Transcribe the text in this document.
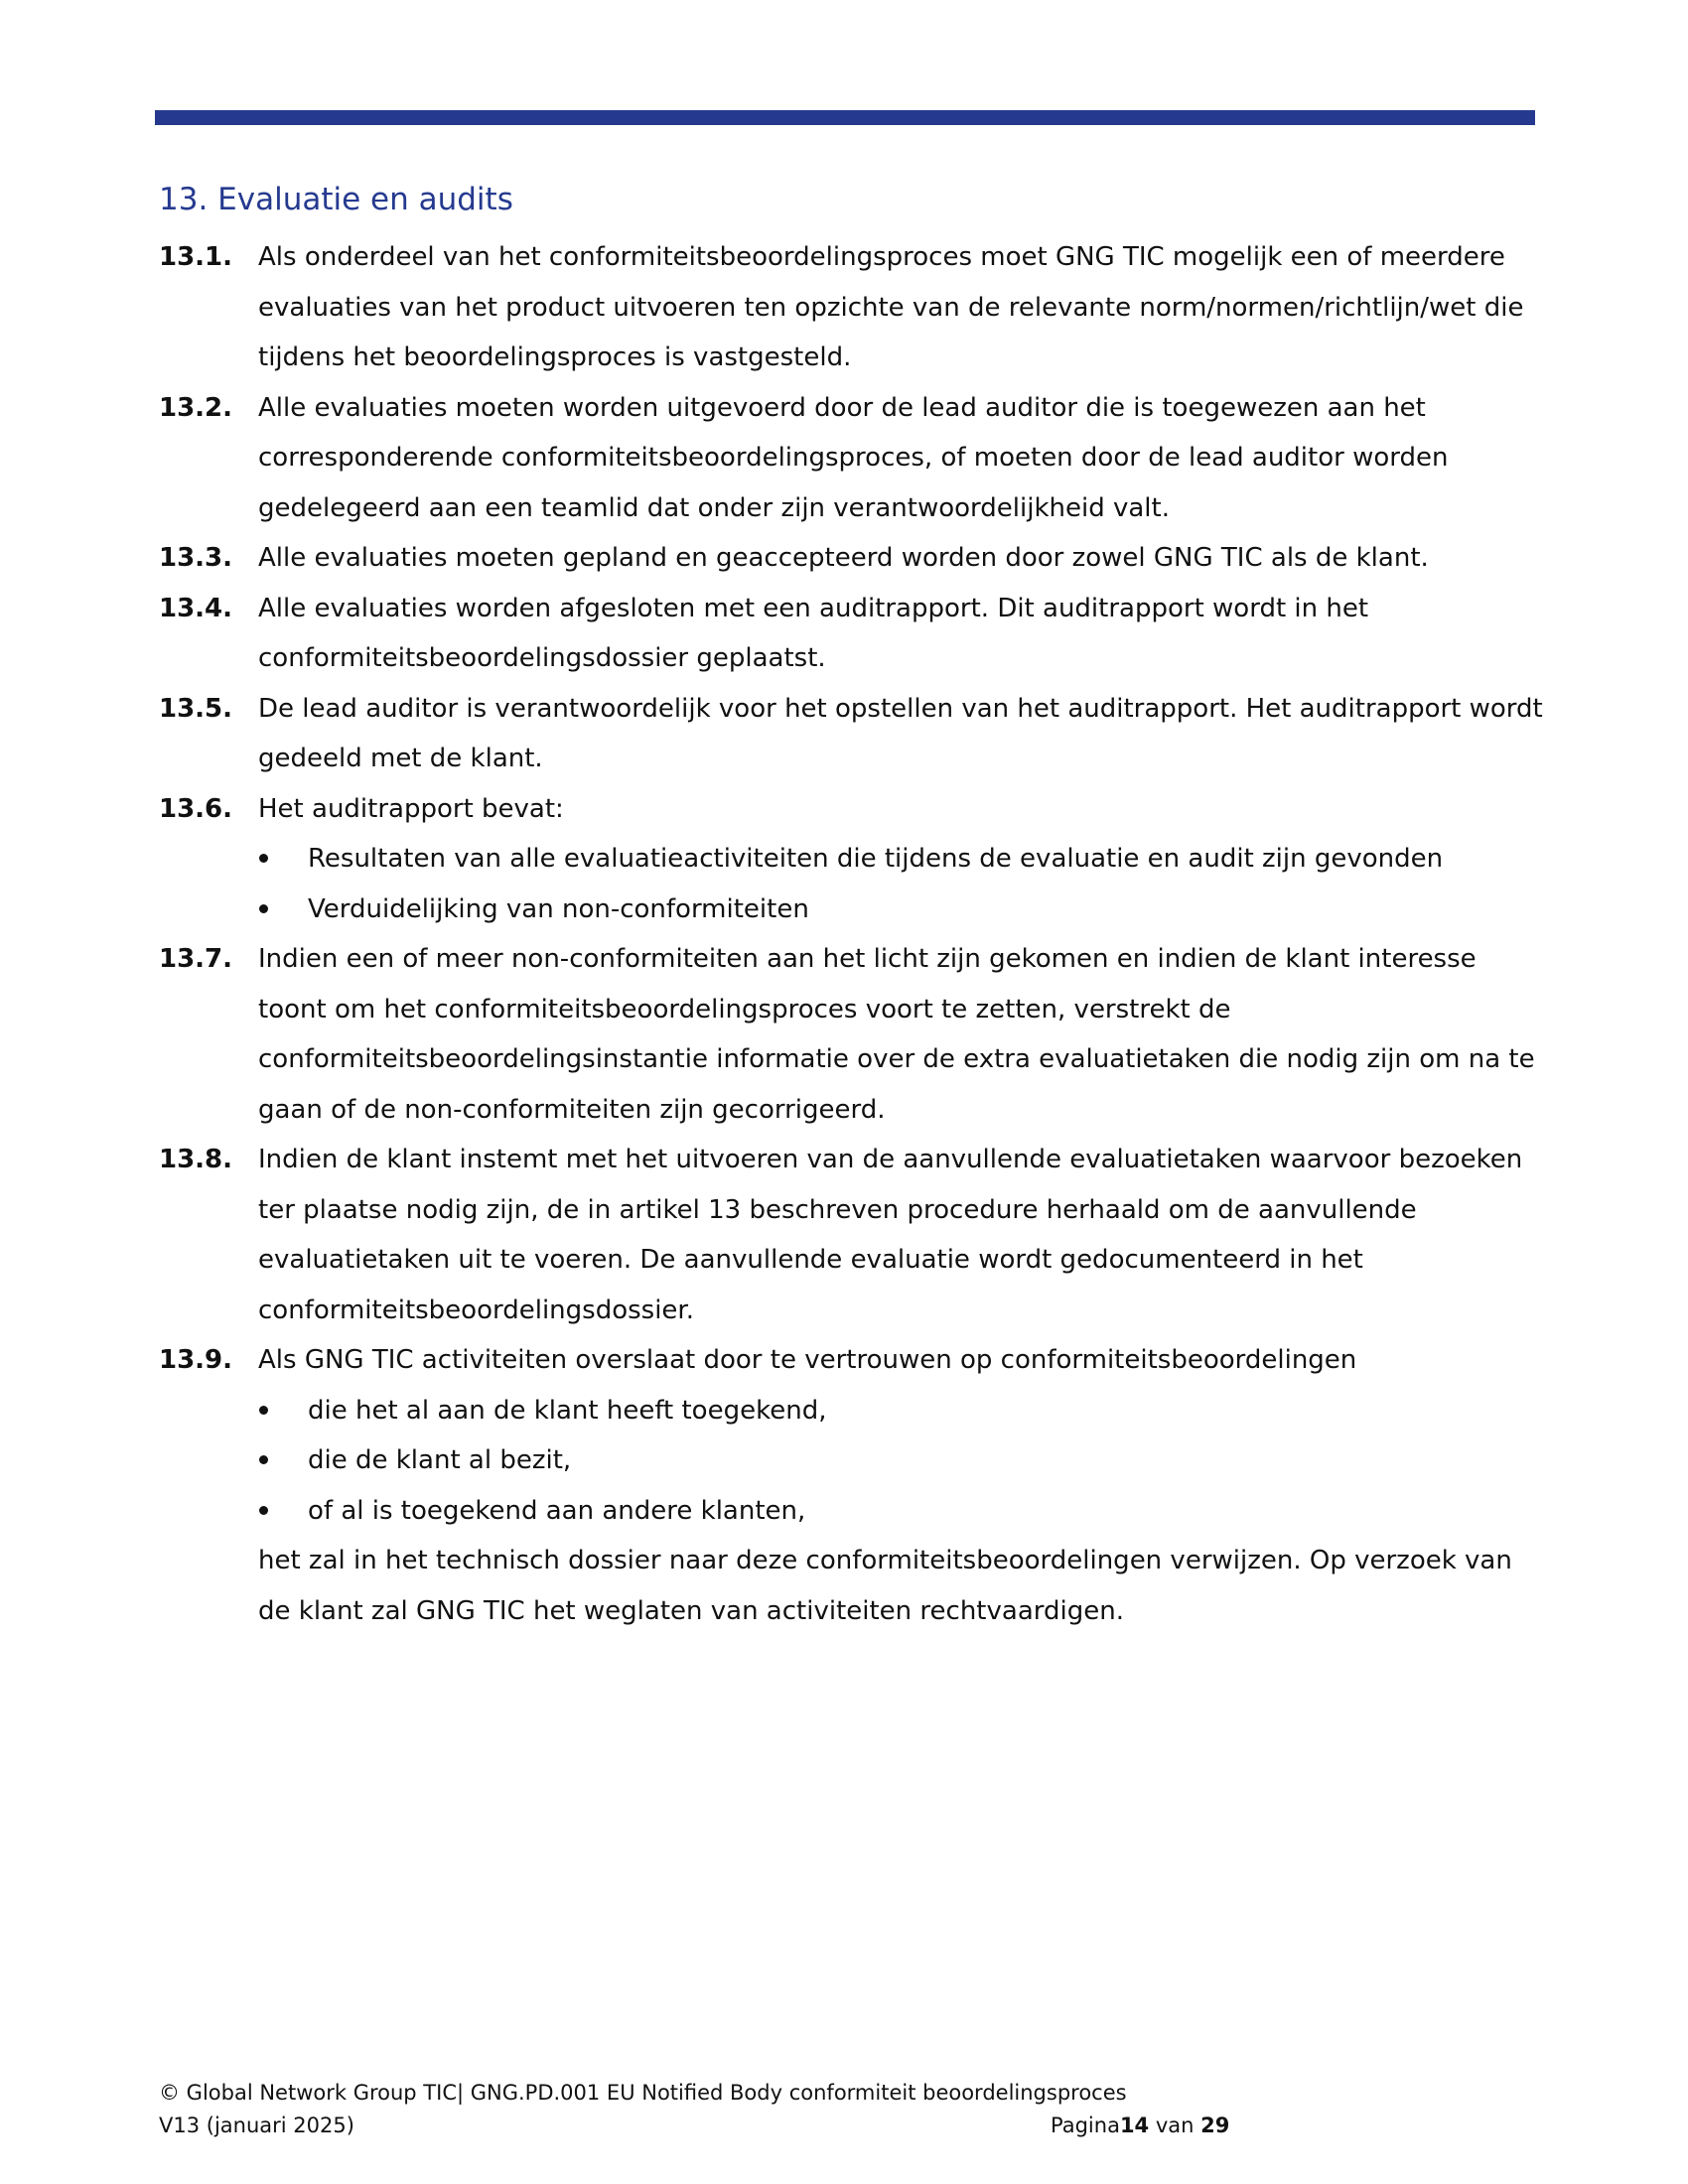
13. Evaluatie en audits
13.1. Als onderdeel van het conformiteitsbeoordelingsproces moet GNG TIC mogelijk een of meerdere evaluaties van het product uitvoeren ten opzichte van de relevante norm/normen/richtlijn/wet die tijdens het beoordelingsproces is vastgesteld.

13.2. Alle evaluaties moeten worden uitgevoerd door de lead auditor die is toegewezen aan het corresponderende conformiteitsbeoordelingsproces, of moeten door de lead auditor worden gedelegeerd aan een teamlid dat onder zijn verantwoordelijkheid valt.

13.3. Alle evaluaties moeten gepland en geaccepteerd worden door zowel GNG TIC als de klant.

13.4. Alle evaluaties worden afgesloten met een auditrapport. Dit auditrapport wordt in het conformiteitsbeoordelingsdossier geplaatst.

13.5. De lead auditor is verantwoordelijk voor het opstellen van het auditrapport. Het auditrapport wordt gedeeld met de klant.

13.6. Het auditrapport bevat:

Resultaten van alle evaluatieactiviteiten die tijdens de evaluatie en audit zijn gevonden
Verduidelijking van non-conformiteiten
13.7. Indien een of meer non-conformiteiten aan het licht zijn gekomen en indien de klant interesse toont om het conformiteitsbeoordelingsproces voort te zetten, verstrekt de conformiteitsbeoordelingsinstantie informatie over de extra evaluatietaken die nodig zijn om na te gaan of de non-conformiteiten zijn gecorrigeerd.

13.8. Indien de klant instemt met het uitvoeren van de aanvullende evaluatietaken waarvoor bezoeken ter plaatse nodig zijn, de in artikel 13 beschreven procedure herhaald om de aanvullende evaluatietaken uit te voeren. De aanvullende evaluatie wordt gedocumenteerd in het conformiteitsbeoordelingsdossier.

13.9. Als GNG TIC activiteiten overslaat door te vertrouwen op conformiteitsbeoordelingen

die het al aan de klant heeft toegekend,
die de klant al bezit,
of al is toegekend aan andere klanten,

het zal in het technisch dossier naar deze conformiteitsbeoordelingen verwijzen. Op verzoek van de klant zal GNG TIC het weglaten van activiteiten rechtvaardigen.

© Global Network Group TIC| GNG.PD.001 EU Notified Body conformiteit beoordelingsproces
V13 (januari 2025)	Pagina14 van 29
